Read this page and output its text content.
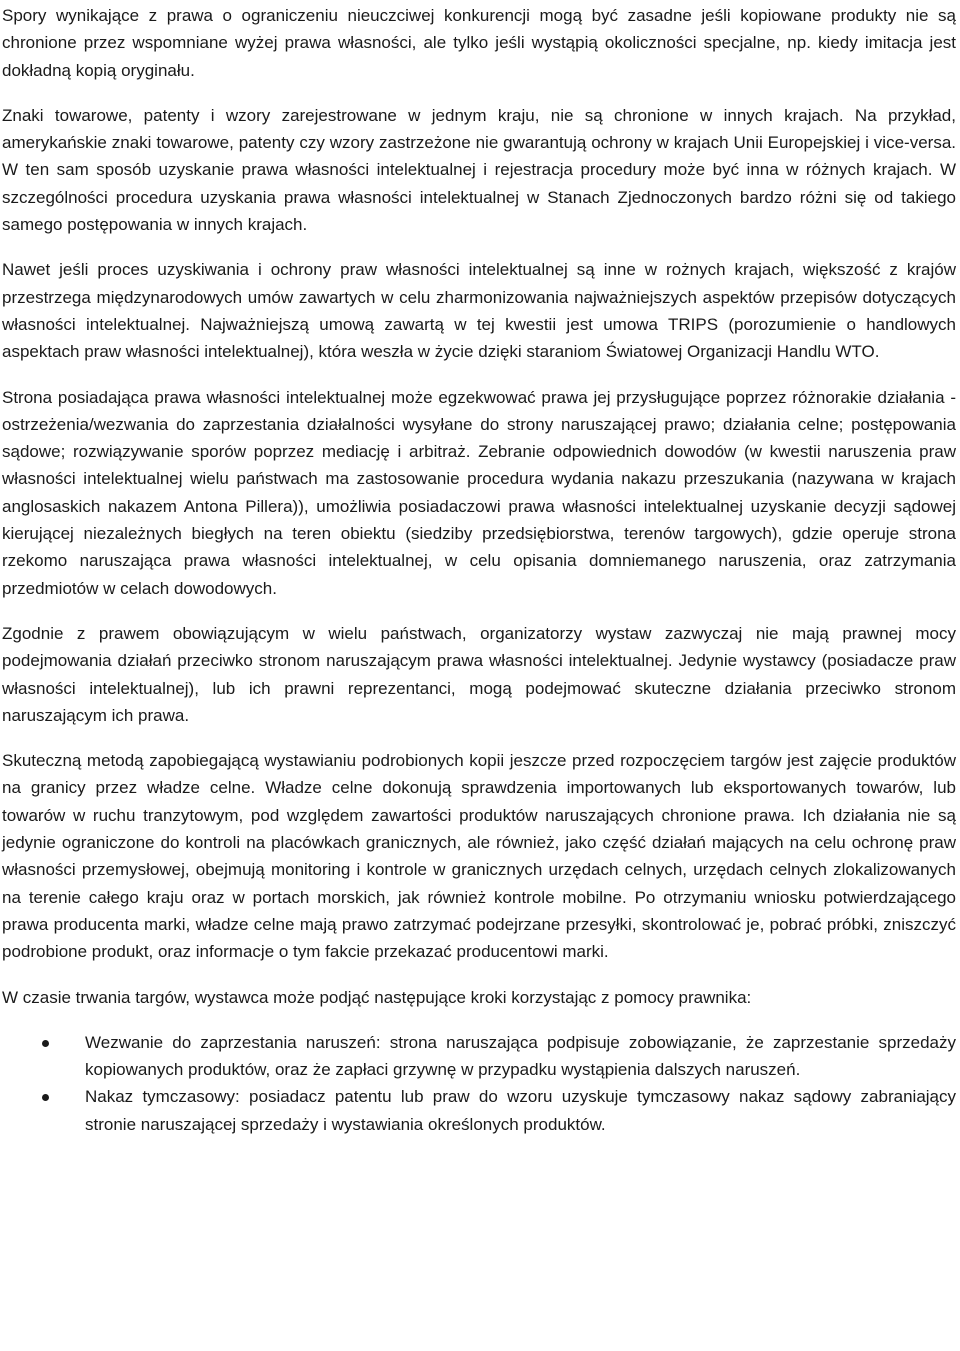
Spory wynikające z prawa o ograniczeniu nieuczciwej konkurencji mogą być zasadne jeśli kopiowane produkty nie są chronione przez wspomniane wyżej prawa własności, ale tylko jeśli wystąpią okoliczności specjalne, np. kiedy imitacja jest dokładną kopią oryginału.

Znaki towarowe, patenty i wzory zarejestrowane w jednym kraju, nie są chronione w innych krajach. Na przykład, amerykańskie znaki towarowe, patenty czy wzory zastrzeżone nie gwarantują ochrony w krajach Unii Europejskiej i vice-versa. W ten sam sposób uzyskanie prawa własności intelektualnej i rejestracja procedury może być inna w różnych krajach. W szczególności procedura uzyskania prawa własności intelektualnej w Stanach Zjednoczonych bardzo różni się od takiego samego postępowania w innych krajach.

Nawet jeśli proces uzyskiwania i ochrony praw własności intelektualnej są inne w rożnych krajach, większość z krajów przestrzega międzynarodowych umów zawartych w celu zharmonizowania najważniejszych aspektów przepisów dotyczących własności intelektualnej. Najważniejszą umową zawartą w tej kwestii jest umowa TRIPS (porozumienie o handlowych aspektach praw własności intelektualnej), która weszła w życie dzięki staraniom Światowej Organizacji Handlu WTO.

Strona posiadająca prawa własności intelektualnej może egzekwować prawa jej przysługujące poprzez różnorakie działania - ostrzeżenia/wezwania do zaprzestania działalności wysyłane do strony naruszającej prawo; działania celne; postępowania sądowe; rozwiązywanie sporów poprzez mediację i arbitraż. Zebranie odpowiednich dowodów (w kwestii naruszenia praw własności intelektualnej wielu państwach ma zastosowanie procedura wydania nakazu przeszukania (nazywana w krajach anglosaskich nakazem Antona Pillera)), umożliwia posiadaczowi prawa własności intelektualnej uzyskanie decyzji sądowej kierującej niezależnych biegłych na teren obiektu (siedziby przedsiębiorstwa, terenów targowych), gdzie operuje strona rzekomo naruszająca prawa własności intelektualnej, w celu opisania domniemanego naruszenia, oraz zatrzymania przedmiotów w celach dowodowych.

Zgodnie z prawem obowiązującym w wielu państwach, organizatorzy wystaw zazwyczaj nie mają prawnej mocy podejmowania działań przeciwko stronom naruszającym prawa własności intelektualnej. Jedynie wystawcy (posiadacze praw własności intelektualnej), lub ich prawni reprezentanci, mogą podejmować skuteczne działania przeciwko stronom naruszającym ich prawa.

Skuteczną metodą zapobiegającą wystawianiu podrobionych kopii jeszcze przed rozpoczęciem targów jest zajęcie produktów na granicy przez władze celne. Władze celne dokonują sprawdzenia importowanych lub eksportowanych towarów, lub towarów w ruchu tranzytowym, pod względem zawartości produktów naruszających chronione prawa. Ich działania nie są jedynie ograniczone do kontroli na placówkach granicznych, ale również, jako część działań mających na celu ochronę praw własności przemysłowej, obejmują monitoring i kontrole w granicznych urzędach celnych, urzędach celnych zlokalizowanych na terenie całego kraju oraz w portach morskich, jak również kontrole mobilne. Po otrzymaniu wniosku potwierdzającego prawa producenta marki, władze celne mają prawo zatrzymać podejrzane przesyłki, skontrolować je, pobrać próbki, zniszczyć podrobione produkt, oraz informacje o tym fakcie przekazać producentowi marki.

W czasie trwania targów, wystawca może podjąć następujące kroki korzystając z pomocy prawnika:

Wezwanie do zaprzestania naruszeń: strona naruszająca podpisuje zobowiązanie, że zaprzestanie sprzedaży kopiowanych produktów, oraz że zapłaci grzywnę w przypadku wystąpienia dalszych naruszeń.
Nakaz tymczasowy: posiadacz patentu lub praw do wzoru uzyskuje tymczasowy nakaz sądowy zabraniający stronie naruszającej sprzedaży i wystawiania określonych produktów.
